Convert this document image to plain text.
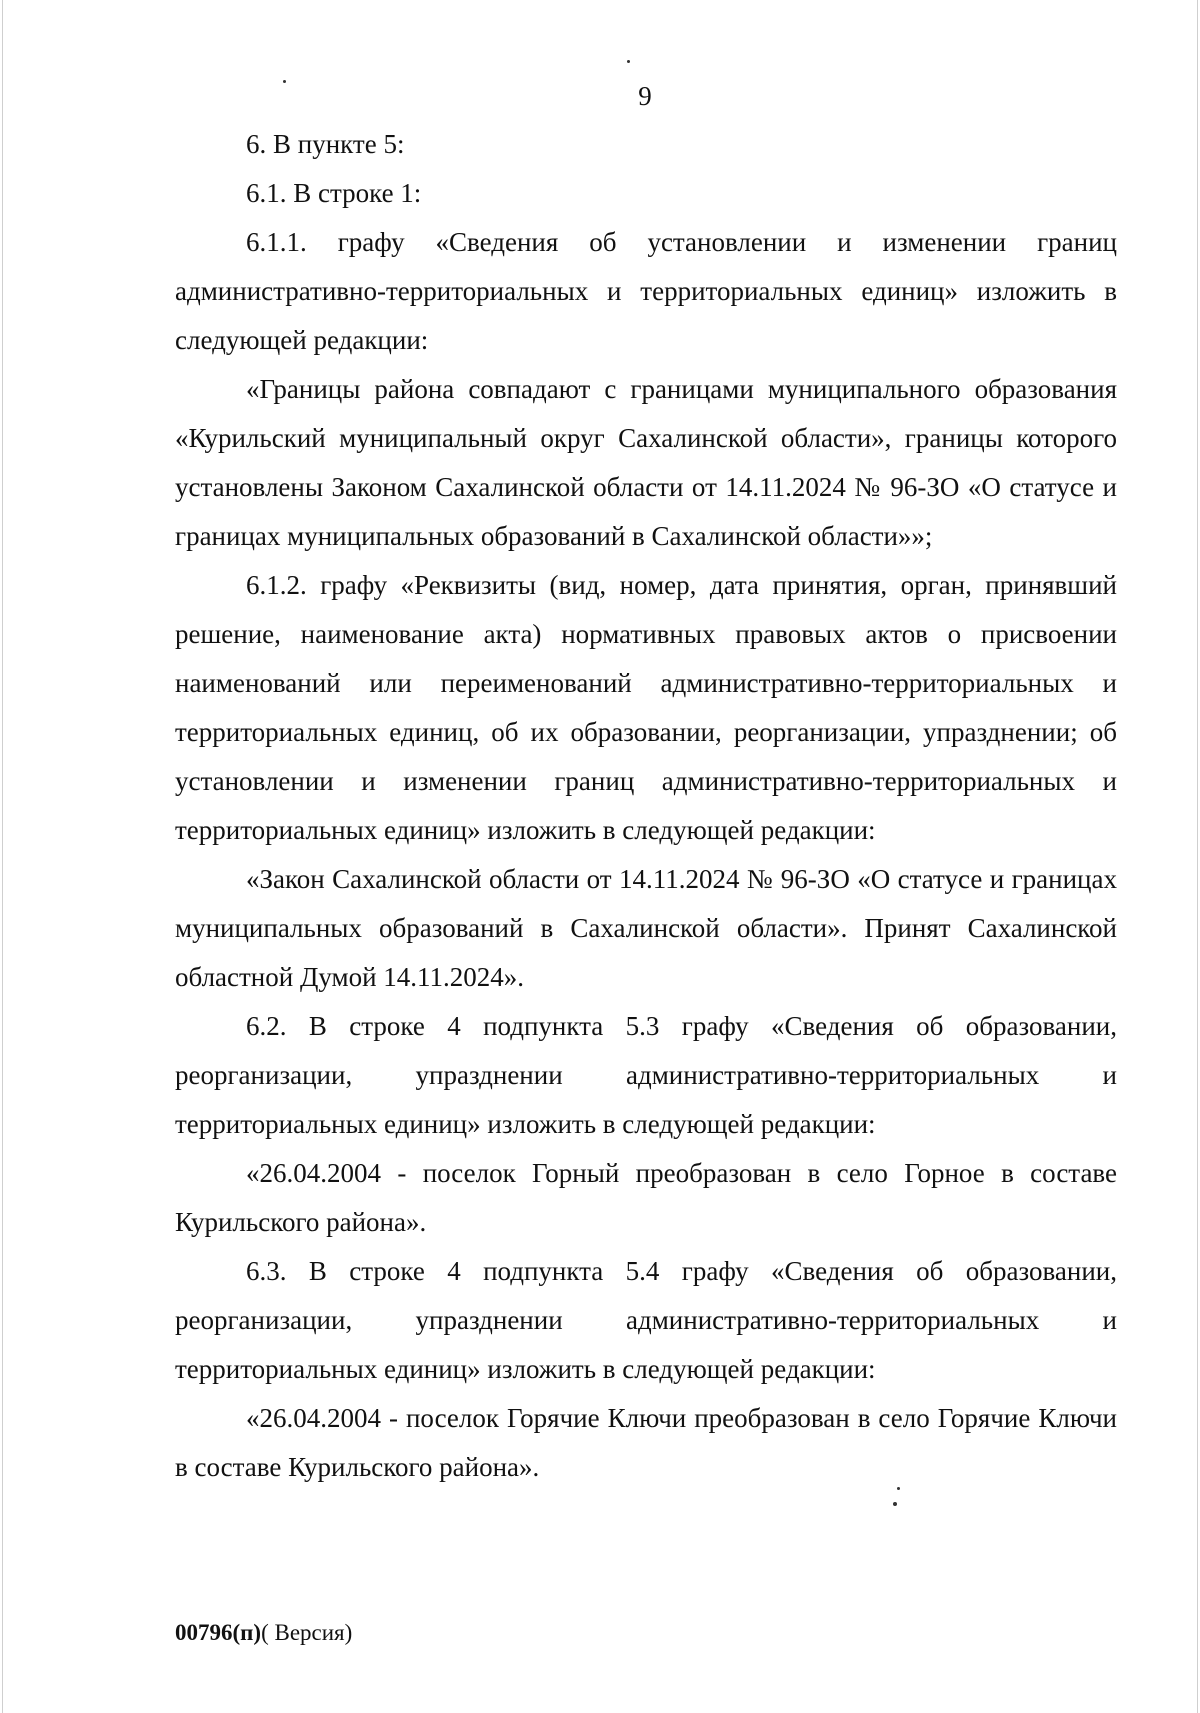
9

6. В пункте 5:

6.1. В строке 1:

6.1.1. графу «Сведения об установлении и изменении границ административно-территориальных и территориальных единиц» изложить в следующей редакции:

«Границы района совпадают с границами муниципального образования «Курильский муниципальный округ Сахалинской области», границы которого установлены Законом Сахалинской области от 14.11.2024 № 96-ЗО «О статусе и границах муниципальных образований в Сахалинской области»»;

6.1.2. графу «Реквизиты (вид, номер, дата принятия, орган, принявший решение, наименование акта) нормативных правовых актов о присвоении наименований или переименований административно-территориальных и территориальных единиц, об их образовании, реорганизации, упразднении; об установлении и изменении границ административно-территориальных и территориальных единиц» изложить в следующей редакции:

«Закон Сахалинской области от 14.11.2024 № 96-ЗО «О статусе и границах муниципальных образований в Сахалинской области». Принят Сахалинской областной Думой 14.11.2024».

6.2. В строке 4 подпункта 5.3 графу «Сведения об образовании, реорганизации, упразднении административно-территориальных и территориальных единиц» изложить в следующей редакции:

«26.04.2004 - поселок Горный преобразован в село Горное в составе Курильского района».

6.3. В строке 4 подпункта 5.4 графу «Сведения об образовании, реорганизации, упразднении административно-территориальных и территориальных единиц» изложить в следующей редакции:

«26.04.2004 - поселок Горячие Ключи преобразован в село Горячие Ключи в составе Курильского района».

00796(п)( Версия)
